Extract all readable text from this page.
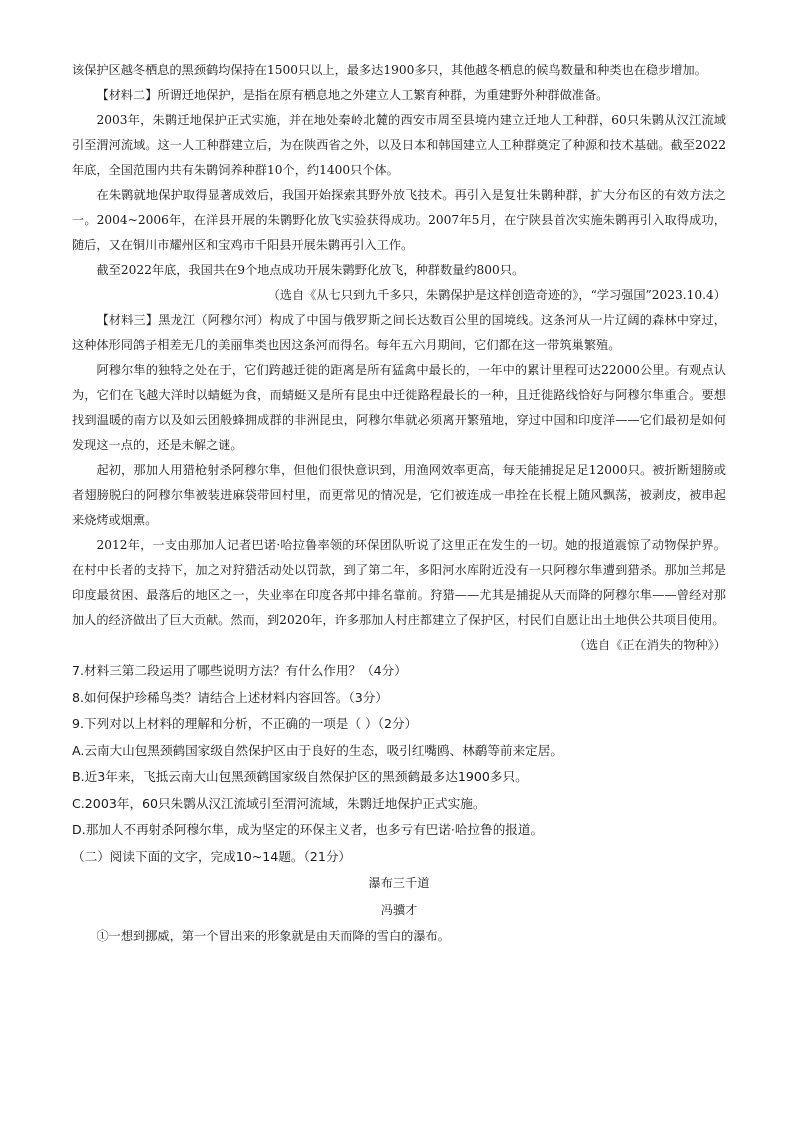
该保护区越冬栖息的黑颈鹤均保持在1500只以上，最多达1900多只，其他越冬栖息的候鸟数量和种类也在稳步增加。

【材料二】所谓迁地保护，是指在原有栖息地之外建立人工繁育种群，为重建野外种群做准备。

2003年，朱鹮迁地保护正式实施，并在地处秦岭北麓的西安市周至县境内建立迁地人工种群，60只朱鹮从汉江流域引至渭河流域。这一人工种群建立后，为在陕西省之外，以及日本和韩国建立人工种群奠定了种源和技术基础。截至2022年底，全国范围内共有朱鹮饲养种群10个，约1400只个体。

在朱鹮就地保护取得显著成效后，我国开始探索其野外放飞技术。再引入是复壮朱鹮种群，扩大分布区的有效方法之一。2004~2006年，在洋县开展的朱鹮野化放飞实验获得成功。2007年5月，在宁陕县首次实施朱鹮再引入取得成功，随后，又在铜川市耀州区和宝鸡市千阳县开展朱鹮再引入工作。

截至2022年底，我国共在9个地点成功开展朱鹮野化放飞，种群数量约800只。

（选自《从七只到九千多只，朱鹮保护是这样创造奇迹的》，“学习强国”2023.10.4）

【材料三】黑龙江（阿穆尔河）构成了中国与俄罗斯之间长达数百公里的国境线。这条河从一片辽阔的森林中穿过，这种体形同鸽子相差无几的美丽隼类也因这条河而得名。每年五六月期间，它们都在这一带筑巢繁殖。

阿穆尔隼的独特之处在于，它们跨越迁徙的距离是所有猛禽中最长的，一年中的累计里程可达22000公里。有观点认为，它们在飞越大洋时以蜻蜓为食，而蜻蜓又是所有昆虫中迁徙路程最长的一种，且迁徙路线恰好与阿穆尔隼重合。要想找到温暖的南方以及如云团般蜂拥成群的非洲昆虫，阿穆尔隼就必须离开繁殖地，穿过中国和印度洋——它们最初是如何发现这一点的，还是未解之谜。

起初，那加人用猎枪射杀阿穆尔隼，但他们很快意识到，用渔网效率更高，每天能捕捉足足12000只。被折断翅膀或者翅膀脱臼的阿穆尔隼被装进麻袋带回村里，而更常见的情况是，它们被连成一串拴在长棍上随风飘荡，被剥皮，被串起来烧烤或烟熏。

2012年，一支由那加人记者巴诺·哈拉鲁率领的环保团队听说了这里正在发生的一切。她的报道震惊了动物保护界。在村中长者的支持下，加之对狩猎活动处以罚款，到了第二年，多阳河水库附近没有一只阿穆尔隼遭到猎杀。那加兰邦是印度最贫困、最落后的地区之一，失业率在印度各邦中排名靠前。狩猎——尤其是捕捉从天而降的阿穆尔隼——曾经对那加人的经济做出了巨大贡献。然而，到2020年，许多那加人村庄都建立了保护区，村民们自愿让出土地供公共项目使用。

（选自《正在消失的物种》）

7.材料三第二段运用了哪些说明方法？有什么作用？（4分）

8.如何保护珍稀鸟类？请结合上述材料内容回答。（3分）

9.下列对以上材料的理解和分析，不正确的一项是（ ）（2分）

A.云南大山包黑颈鹤国家级自然保护区由于良好的生态，吸引红嘴鸥、林鹬等前来定居。

B.近3年来，飞抵云南大山包黑颈鹤国家级自然保护区的黑颈鹤最多达1900多只。

C.2003年，60只朱鹮从汉江流域引至渭河流域，朱鹮迁地保护正式实施。

D.那加人不再射杀阿穆尔隼，成为坚定的环保主义者，也多亏有巴诺·哈拉鲁的报道。

（二）阅读下面的文字，完成10~14题。（21分）

瀑布三千道

冯骥才

①一想到挪威，第一个冒出来的形象就是由天而降的雪白的瀑布。
